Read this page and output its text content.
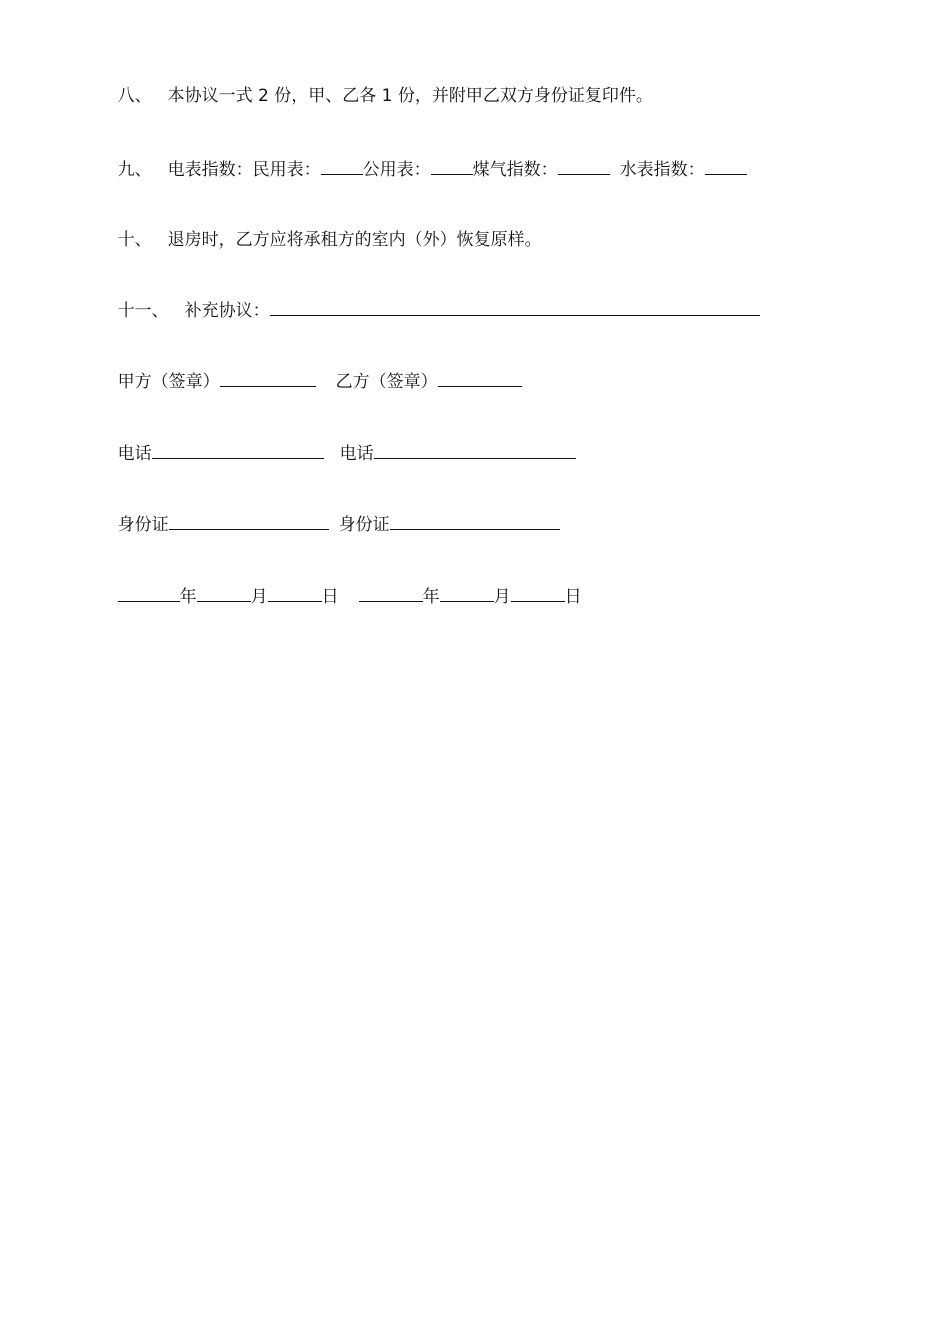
八、 本协议一式 2 份，甲、乙各 1 份，并附甲乙双方身份证复印件。

九、 电表指数：民用表： 公用表： 煤气指数：	水表指数：

十、 退房时，乙方应将承租方的室内（外）恢复原样。

十一、 补充协议：

甲方（签章）	乙方（签章）

电话	电话

身份证	身份证

年	月	日	年	月	日
